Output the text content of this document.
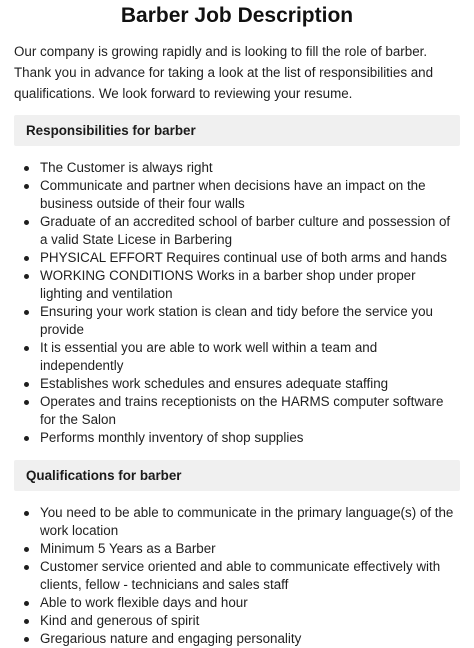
Barber Job Description

Our company is growing rapidly and is looking to fill the role of barber. Thank you in advance for taking a look at the list of responsibilities and qualifications. We look forward to reviewing your resume.

Responsibilities for barber
The Customer is always right
Communicate and partner when decisions have an impact on the business outside of their four walls
Graduate of an accredited school of barber culture and possession of a valid State Licese in Barbering
PHYSICAL EFFORT Requires continual use of both arms and hands
WORKING CONDITIONS Works in a barber shop under proper lighting and ventilation
Ensuring your work station is clean and tidy before the service you provide
It is essential you are able to work well within a team and independently
Establishes work schedules and ensures adequate staffing
Operates and trains receptionists on the HARMS computer software for the Salon
Performs monthly inventory of shop supplies
Qualifications for barber
You need to be able to communicate in the primary language(s) of the work location
Minimum 5 Years as a Barber
Customer service oriented and able to communicate effectively with clients, fellow - technicians and sales staff
Able to work flexible days and hour
Kind and generous of spirit
Gregarious nature and engaging personality
